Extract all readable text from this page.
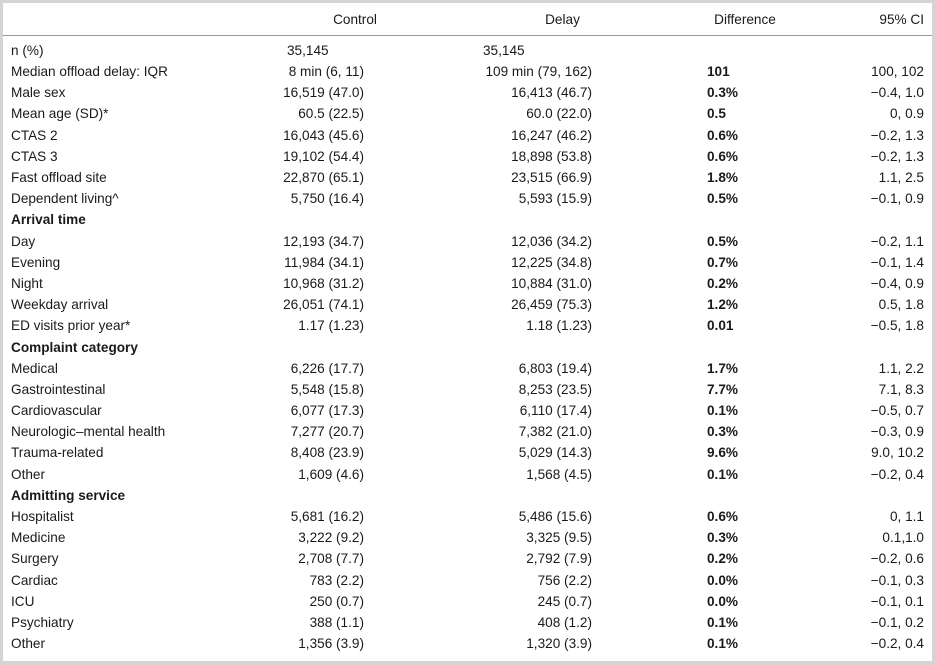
	Control	Delay	Difference	95% CI
n (%)	35,145	35,145		
Median offload delay: IQR	8 min (6, 11)	109 min (79, 162)	101	100, 102
Male sex	16,519 (47.0)	16,413 (46.7)	0.3%	−0.4, 1.0
Mean age (SD)*	60.5 (22.5)	60.0 (22.0)	0.5	0, 0.9
CTAS 2	16,043 (45.6)	16,247 (46.2)	0.6%	−0.2, 1.3
CTAS 3	19,102 (54.4)	18,898 (53.8)	0.6%	−0.2, 1.3
Fast offload site	22,870 (65.1)	23,515 (66.9)	1.8%	1.1, 2.5
Dependent living^	5,750 (16.4)	5,593 (15.9)	0.5%	−0.1, 0.9
Arrival time				
Day	12,193 (34.7)	12,036 (34.2)	0.5%	−0.2, 1.1
Evening	11,984 (34.1)	12,225 (34.8)	0.7%	−0.1, 1.4
Night	10,968 (31.2)	10,884 (31.0)	0.2%	−0.4, 0.9
Weekday arrival	26,051 (74.1)	26,459 (75.3)	1.2%	0.5, 1.8
ED visits prior year*	1.17 (1.23)	1.18 (1.23)	0.01	−0.5, 1.8
Complaint category				
Medical	6,226 (17.7)	6,803 (19.4)	1.7%	1.1, 2.2
Gastrointestinal	5,548 (15.8)	8,253 (23.5)	7.7%	7.1, 8.3
Cardiovascular	6,077 (17.3)	6,110 (17.4)	0.1%	−0.5, 0.7
Neurologic–mental health	7,277 (20.7)	7,382 (21.0)	0.3%	−0.3, 0.9
Trauma-related	8,408 (23.9)	5,029 (14.3)	9.6%	9.0, 10.2
Other	1,609 (4.6)	1,568 (4.5)	0.1%	−0.2, 0.4
Admitting service				
Hospitalist	5,681 (16.2)	5,486 (15.6)	0.6%	0, 1.1
Medicine	3,222 (9.2)	3,325 (9.5)	0.3%	0.1,1.0
Surgery	2,708 (7.7)	2,792 (7.9)	0.2%	−0.2, 0.6
Cardiac	783 (2.2)	756 (2.2)	0.0%	−0.1, 0.3
ICU	250 (0.7)	245 (0.7)	0.0%	−0.1, 0.1
Psychiatry	388 (1.1)	408 (1.2)	0.1%	−0.1, 0.2
Other	1,356 (3.9)	1,320 (3.9)	0.1%	−0.2, 0.4
